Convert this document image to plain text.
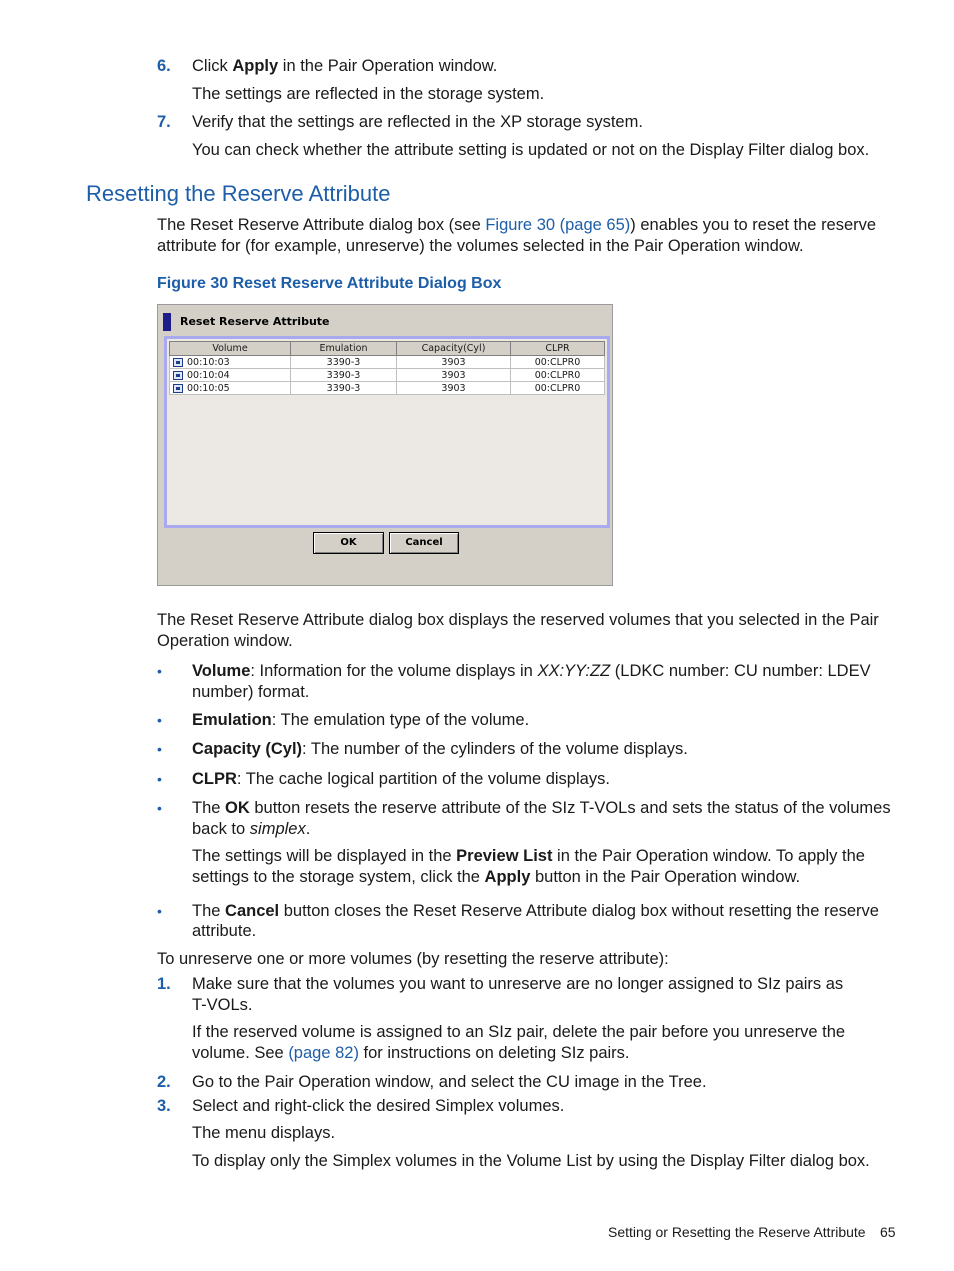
6. Click Apply in the Pair Operation window.
The settings are reflected in the storage system.
7. Verify that the settings are reflected in the XP storage system.
You can check whether the attribute setting is updated or not on the Display Filter dialog box.
Resetting the Reserve Attribute
The Reset Reserve Attribute dialog box (see Figure 30 (page 65)) enables you to reset the reserve
attribute for (for example, unreserve) the volumes selected in the Pair Operation window.
Figure 30 Reset Reserve Attribute Dialog Box
Reset Reserve Attribute
Volume	Emulation	Capacity(Cyl)	CLPR
00:10:03	3390-3	3903	00:CLPR0
00:10:04	3390-3	3903	00:CLPR0
00:10:05	3390-3	3903	00:CLPR0
OK	Cancel
The Reset Reserve Attribute dialog box displays the reserved volumes that you selected in the Pair
Operation window.
• Volume: Information for the volume displays in XX:YY:ZZ (LDKC number: CU number: LDEV
number) format.
• Emulation: The emulation type of the volume.
• Capacity (Cyl): The number of the cylinders of the volume displays.
• CLPR: The cache logical partition of the volume displays.
• The OK button resets the reserve attribute of the SIz T-VOLs and sets the status of the volumes
back to simplex.
The settings will be displayed in the Preview List in the Pair Operation window. To apply the
settings to the storage system, click the Apply button in the Pair Operation window.
• The Cancel button closes the Reset Reserve Attribute dialog box without resetting the reserve
attribute.
To unreserve one or more volumes (by resetting the reserve attribute):
1. Make sure that the volumes you want to unreserve are no longer assigned to SIz pairs as
T-VOLs.
If the reserved volume is assigned to an SIz pair, delete the pair before you unreserve the
volume. See (page 82) for instructions on deleting SIz pairs.
2. Go to the Pair Operation window, and select the CU image in the Tree.
3. Select and right-click the desired Simplex volumes.
The menu displays.
To display only the Simplex volumes in the Volume List by using the Display Filter dialog box.
Setting or Resetting the Reserve Attribute 65
